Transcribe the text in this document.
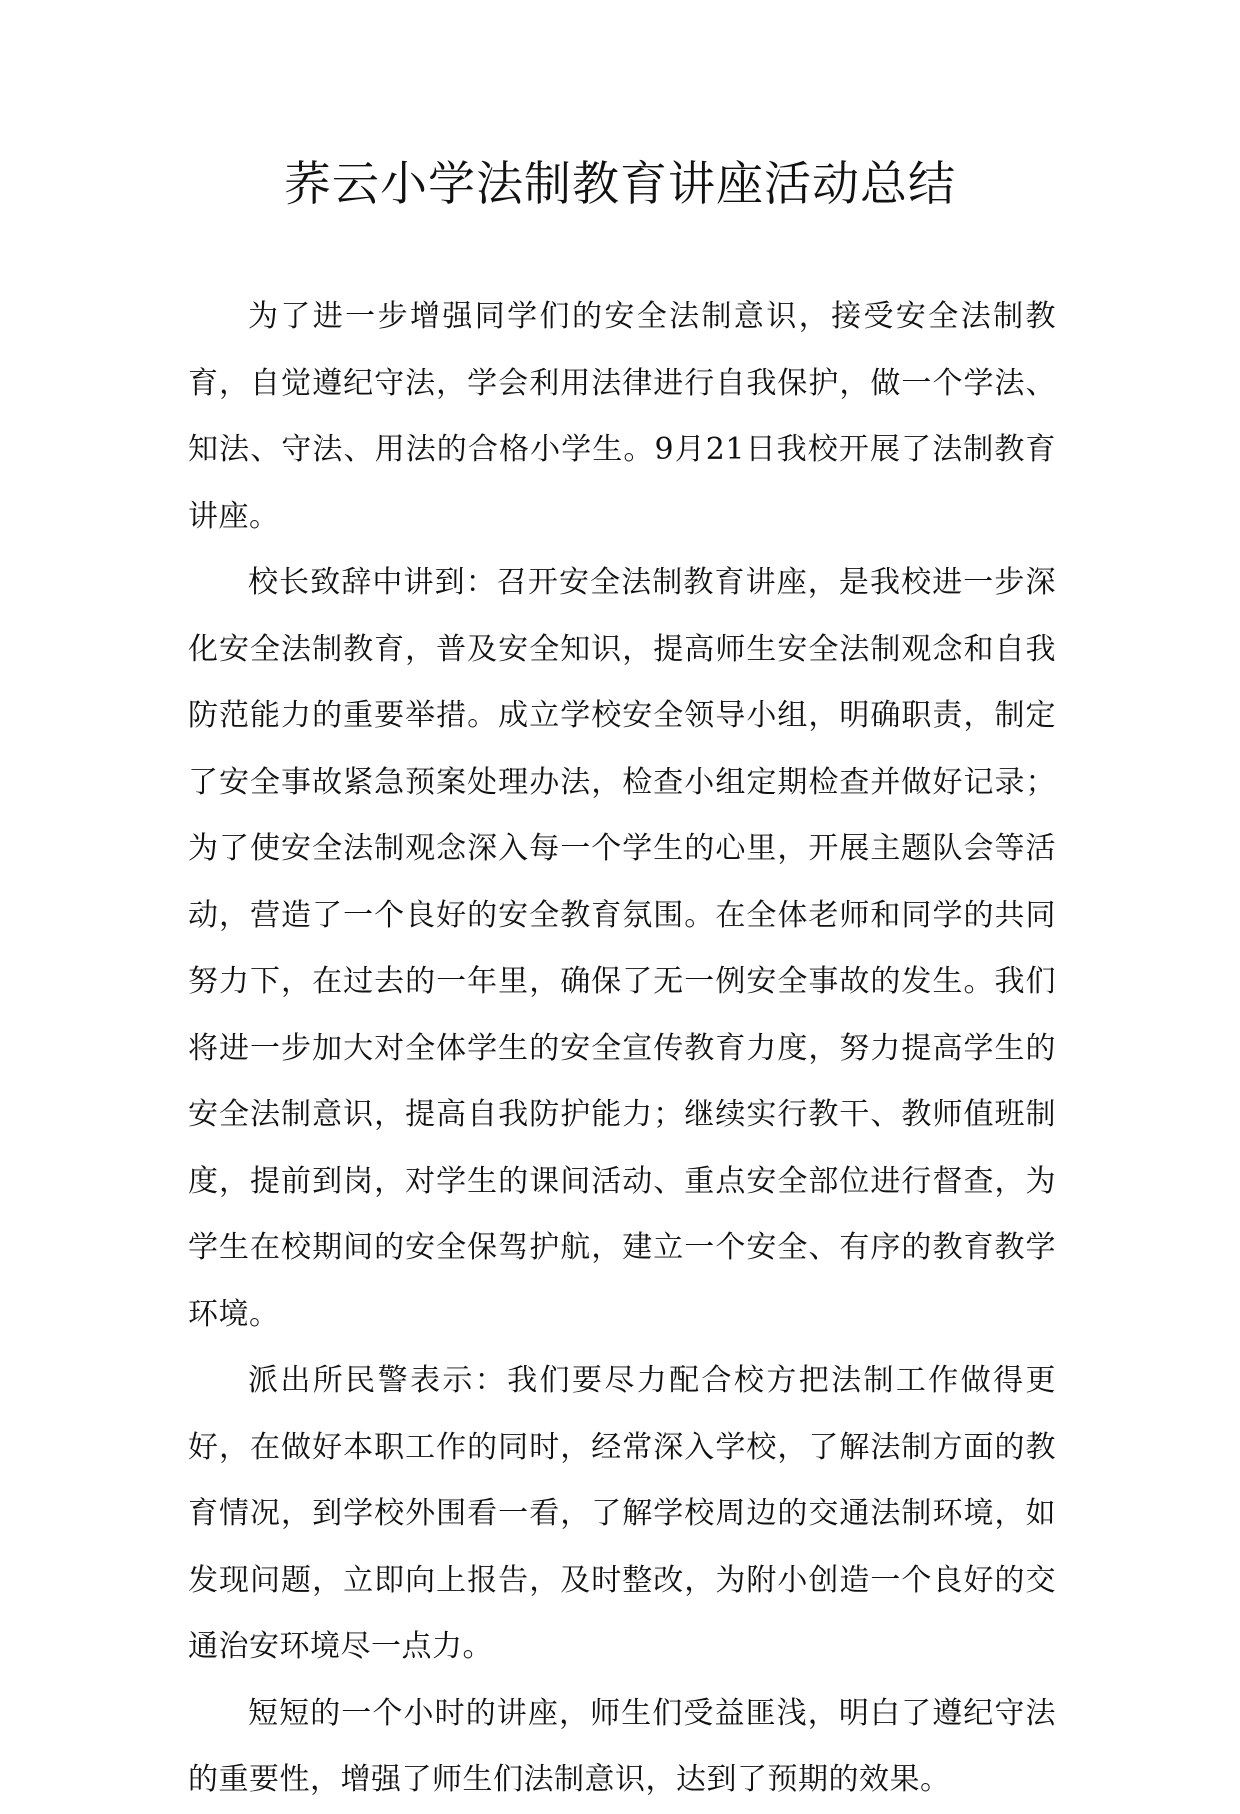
荞云小学法制教育讲座活动总结

为了进一步增强同学们的安全法制意识，接受安全法制教育，自觉遵纪守法，学会利用法律进行自我保护，做一个学法、知法、守法、用法的合格小学生。9月21日我校开展了法制教育讲座。

校长致辞中讲到：召开安全法制教育讲座，是我校进一步深化安全法制教育，普及安全知识，提高师生安全法制观念和自我防范能力的重要举措。成立学校安全领导小组，明确职责，制定了安全事故紧急预案处理办法，检查小组定期检查并做好记录；为了使安全法制观念深入每一个学生的心里，开展主题队会等活动，营造了一个良好的安全教育氛围。在全体老师和同学的共同努力下，在过去的一年里，确保了无一例安全事故的发生。我们将进一步加大对全体学生的安全宣传教育力度，努力提高学生的安全法制意识，提高自我防护能力；继续实行教干、教师值班制度，提前到岗，对学生的课间活动、重点安全部位进行督查，为学生在校期间的安全保驾护航，建立一个安全、有序的教育教学环境。

派出所民警表示：我们要尽力配合校方把法制工作做得更好，在做好本职工作的同时，经常深入学校，了解法制方面的教育情况，到学校外围看一看，了解学校周边的交通法制环境，如发现问题，立即向上报告，及时整改，为附小创造一个良好的交通治安环境尽一点力。

短短的一个小时的讲座，师生们受益匪浅，明白了遵纪守法的重要性，增强了师生们法制意识，达到了预期的效果。
